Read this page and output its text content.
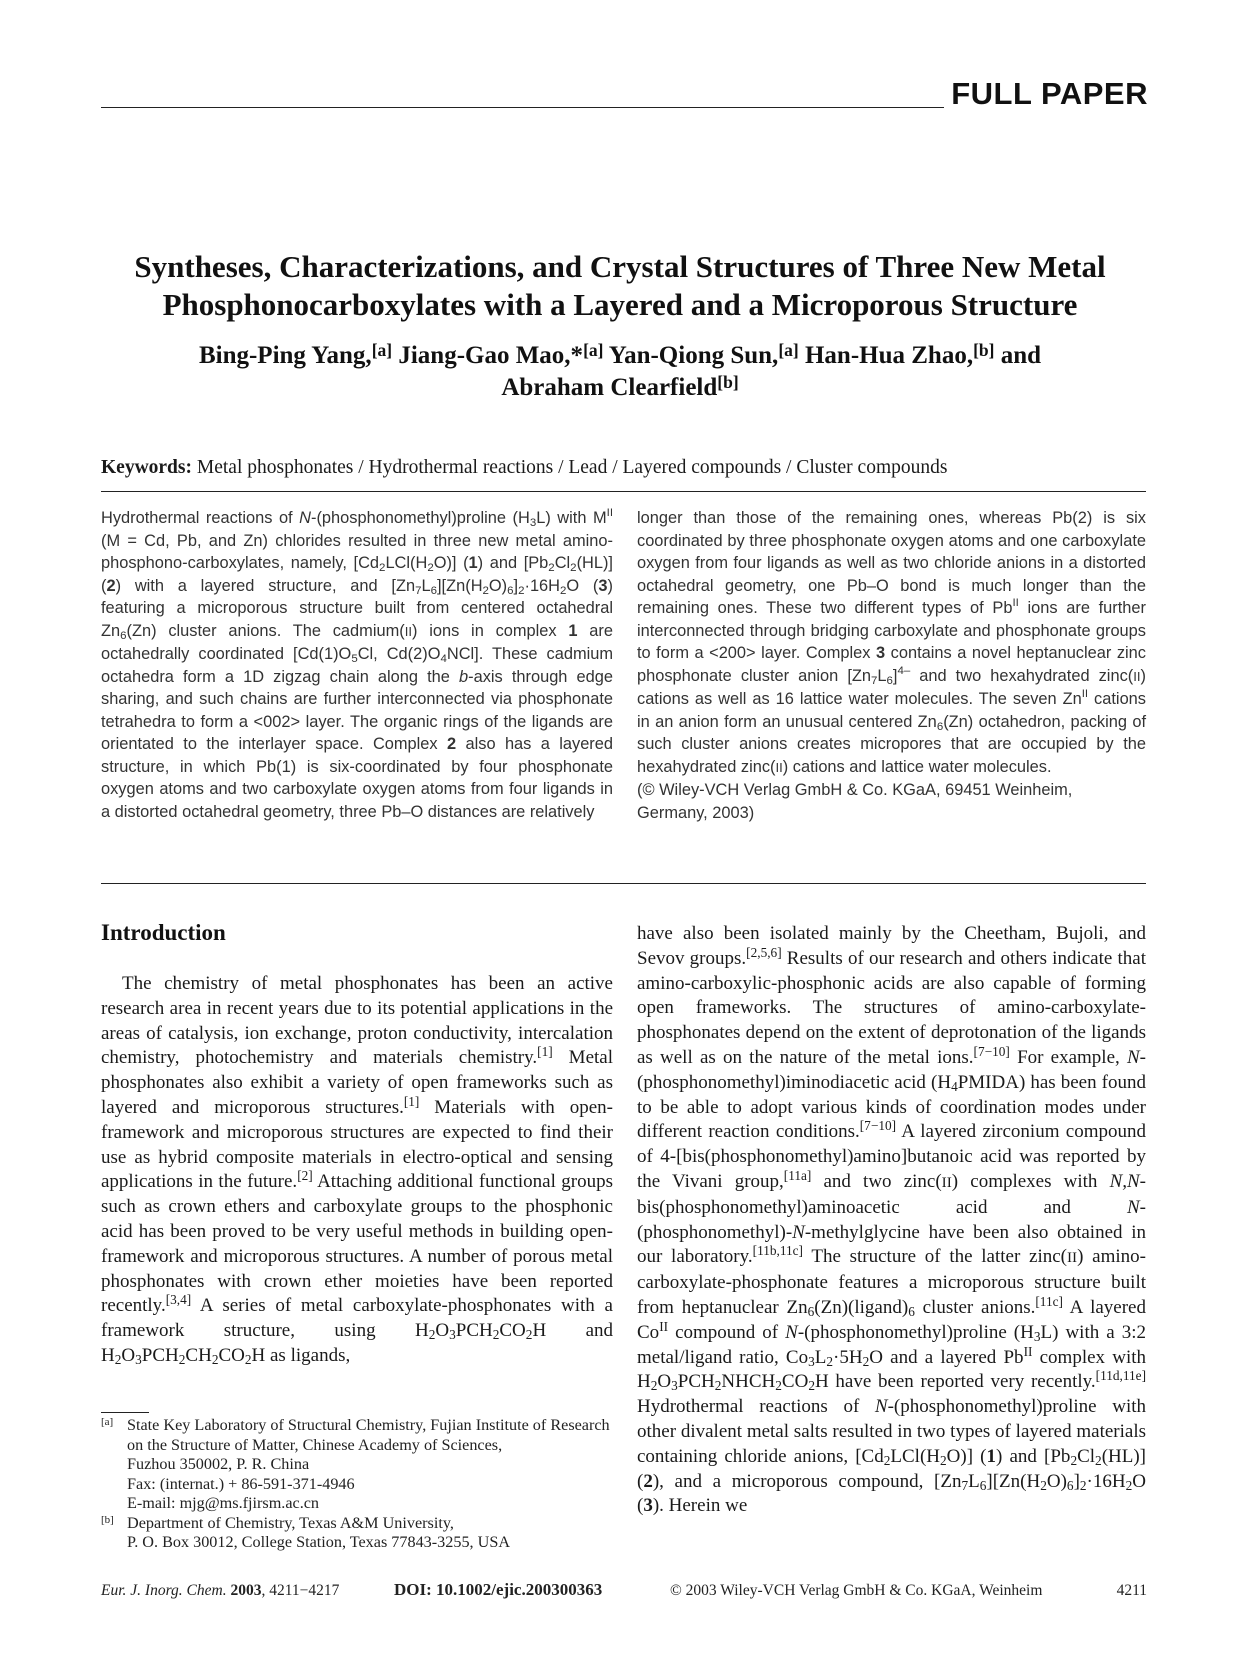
FULL PAPER
Syntheses, Characterizations, and Crystal Structures of Three New Metal
Phosphonocarboxylates with a Layered and a Microporous Structure
Bing-Ping Yang,[a] Jiang-Gao Mao,*[a] Yan-Qiong Sun,[a] Han-Hua Zhao,[b] and
Abraham Clearfield[b]
Keywords: Metal phosphonates / Hydrothermal reactions / Lead / Layered compounds / Cluster compounds

Hydrothermal reactions of N-(phosphonomethyl)proline $(H_3L)$ with $M^{II}$ (M = Cd, Pb, and Zn) chlorides resulted in three new metal amino-phosphono-carboxylates, namely, $[Cd_2LCl(H_2O)]$ (1) and $[Pb_2Cl_2(HL)]$ (2) with a layered structure, and $[Zn_7L_6][Zn(H_2O)_6]_2\cdot 16H_2O$ (3) featuring a microporous structure built from centered octahedral $Zn_6(Zn)$ cluster anions. The cadmium(II) ions in complex 1 are octahedrally coordinated [$Cd(1)O_5Cl$, $Cd(2)O_4NCl$]. These cadmium octahedra form a 1D zigzag chain along the b-axis through edge sharing, and such chains are further interconnected via phosphonate tetrahedra to form a <002> layer. The organic rings of the ligands are orientated to the interlayer space. Complex 2 also has a layered structure, in which Pb(1) is six-coordinated by four phosphonate oxygen atoms and two carboxylate oxygen atoms from four ligands in a distorted octahedral geometry, three Pb–O distances are relatively

longer than those of the remaining ones, whereas Pb(2) is six coordinated by three phosphonate oxygen atoms and one carboxylate oxygen from four ligands as well as two chloride anions in a distorted octahedral geometry, one Pb–O bond is much longer than the remaining ones. These two different types of $Pb^{II}$ ions are further interconnected through bridging carboxylate and phosphonate groups to form a <200> layer. Complex 3 contains a novel heptanuclear zinc phosphonate cluster anion $[Zn_7L_6]^{4-}$ and two hexahydrated zinc(II) cations as well as 16 lattice water molecules. The seven $Zn^{II}$ cations in an anion form an unusual centered $Zn_6(Zn)$ octahedron, packing of such cluster anions creates micropores that are occupied by the hexahydrated zinc(II) cations and lattice water molecules.

(© Wiley-VCH Verlag GmbH & Co. KGaA, 69451 Weinheim, Germany, 2003)

Introduction

The chemistry of metal phosphonates has been an active research area in recent years due to its potential applications in the areas of catalysis, ion exchange, proton conductivity, intercalation chemistry, photochemistry and materials chemistry.[1] Metal phosphonates also exhibit a variety of open frameworks such as layered and microporous structures.[1] Materials with open-framework and microporous structures are expected to find their use as hybrid composite materials in electro-optical and sensing applications in the future.[2] Attaching additional functional groups such as crown ethers and carboxylate groups to the phosphonic acid has been proved to be very useful methods in building open-framework and microporous structures. A number of porous metal phosphonates with crown ether moieties have been reported recently.[3,4] A series of metal carboxylate-phosphonates with a framework structure, using $H_2O_3PCH_2CO_2H$ and $H_2O_3PCH_2CH_2CO_2H$ as ligands,

have also been isolated mainly by the Cheetham, Bujoli, and Sevov groups.[2,5,6] Results of our research and others indicate that amino-carboxylic-phosphonic acids are also capable of forming open frameworks. The structures of amino-carboxylate-phosphonates depend on the extent of deprotonation of the ligands as well as on the nature of the metal ions.[7−10] For example, N-(phosphonomethyl)iminodiacetic acid $(H_4PMIDA)$ has been found to be able to adopt various kinds of coordination modes under different reaction conditions.[7−10] A layered zirconium compound of 4-[bis(phosphonomethyl)amino]butanoic acid was reported by the Vivani group,[11a] and two zinc(II) complexes with N,N-bis(phosphonomethyl)aminoacetic acid and N-(phosphonomethyl)-N-methylglycine have been also obtained in our laboratory.[11b,11c] The structure of the latter zinc(II) amino-carboxylate-phosphonate features a microporous structure built from heptanuclear $Zn_6(Zn)(ligand)_6$ cluster anions.[11c] A layered $Co^{II}$ compound of N-(phosphonomethyl)proline $(H_3L)$ with a 3:2 metal/ligand ratio, $Co_3L_2\cdot 5H_2O$ and a layered $Pb^{II}$ complex with $H_2O_3PCH_2NHCH_2CO_2H$ have been reported very recently.[11d,11e] Hydrothermal reactions of N-(phosphonomethyl)proline with other divalent metal salts resulted in two types of layered materials containing chloride anions, $[Cd_2LCl(H_2O)]$ (1) and $[Pb_2Cl_2(HL)]$ (2), and a microporous compound, $[Zn_7L_6][Zn(H_2O)_6]_2\cdot 16H_2O$ (3). Herein we

[a] State Key Laboratory of Structural Chemistry, Fujian Institute of Research on the Structure of Matter, Chinese Academy of Sciences,
Fuzhou 350002, P. R. China
Fax: (internat.) + 86-591-371-4946
E-mail: mjg@ms.fjirsm.ac.cn
[b] Department of Chemistry, Texas A&M University,
P. O. Box 30012, College Station, Texas 77843-3255, USA
Eur. J. Inorg. Chem. 2003, 4211−4217	DOI: 10.1002/ejic.200300363	© 2003 Wiley-VCH Verlag GmbH & Co. KGaA, Weinheim	4211
